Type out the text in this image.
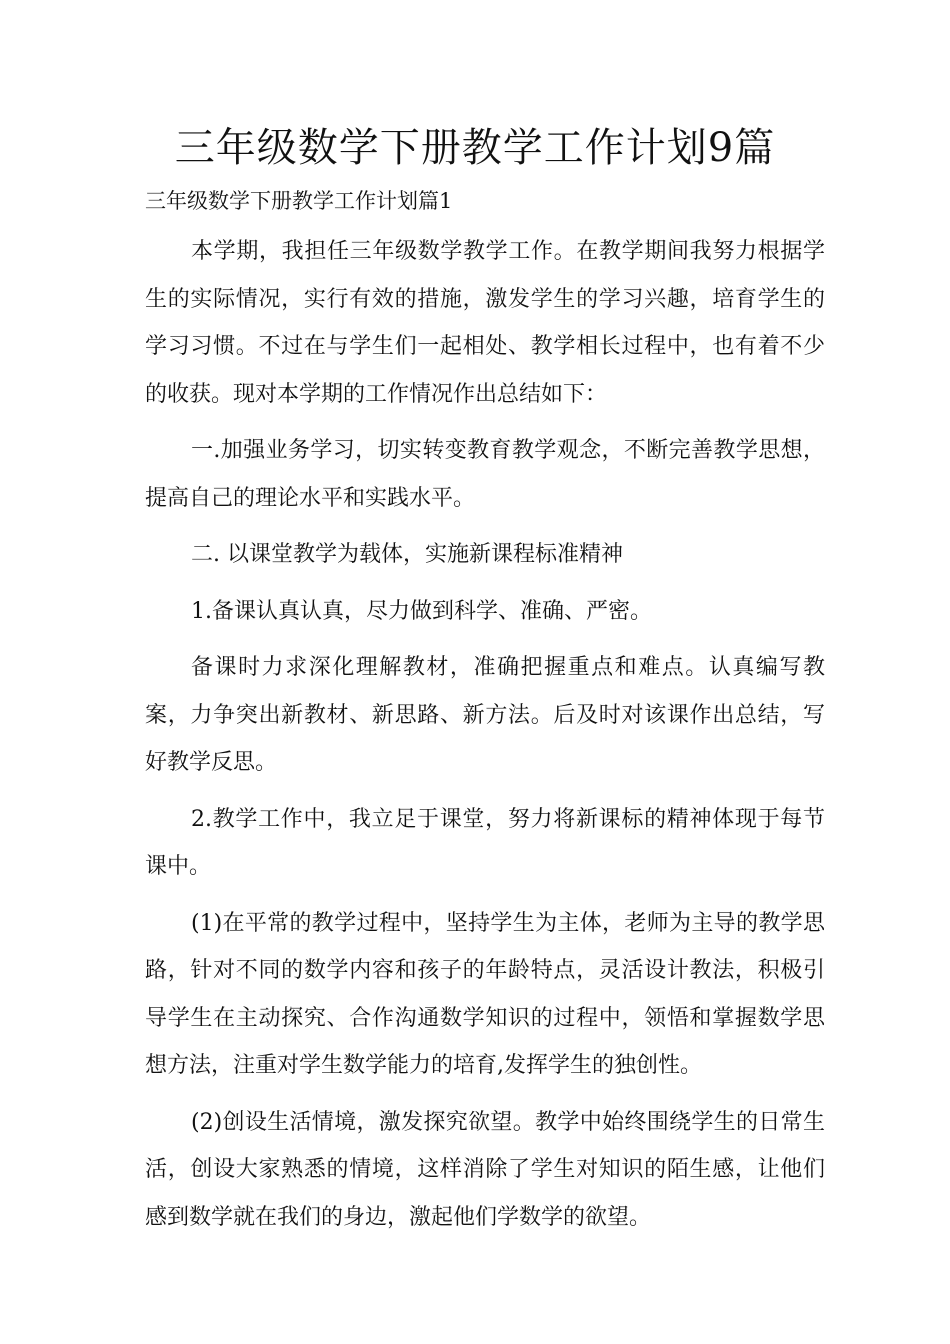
三年级数学下册教学工作计划9篇

三年级数学下册教学工作计划篇1

本学期，我担任三年级数学教学工作。在教学期间我努力根据学生的实际情况，实行有效的措施，激发学生的学习兴趣，培育学生的学习习惯。不过在与学生们一起相处、教学相长过程中，也有着不少的收获。现对本学期的工作情况作出总结如下：

一.加强业务学习，切实转变教育教学观念，不断完善教学思想，提高自己的理论水平和实践水平。

二. 以课堂教学为载体，实施新课程标准精神

1.备课认真认真，尽力做到科学、准确、严密。

备课时力求深化理解教材，准确把握重点和难点。认真编写教案，力争突出新教材、新思路、新方法。后及时对该课作出总结，写好教学反思。

2.教学工作中，我立足于课堂，努力将新课标的精神体现于每节课中。

(1)在平常的教学过程中，坚持学生为主体，老师为主导的教学思路，针对不同的数学内容和孩子的年龄特点，灵活设计教法，积极引导学生在主动探究、合作沟通数学知识的过程中，领悟和掌握数学思想方法，注重对学生数学能力的培育,发挥学生的独创性。

(2)创设生活情境，激发探究欲望。教学中始终围绕学生的日常生活，创设大家熟悉的情境，这样消除了学生对知识的陌生感，让他们感到数学就在我们的身边，激起他们学数学的欲望。
